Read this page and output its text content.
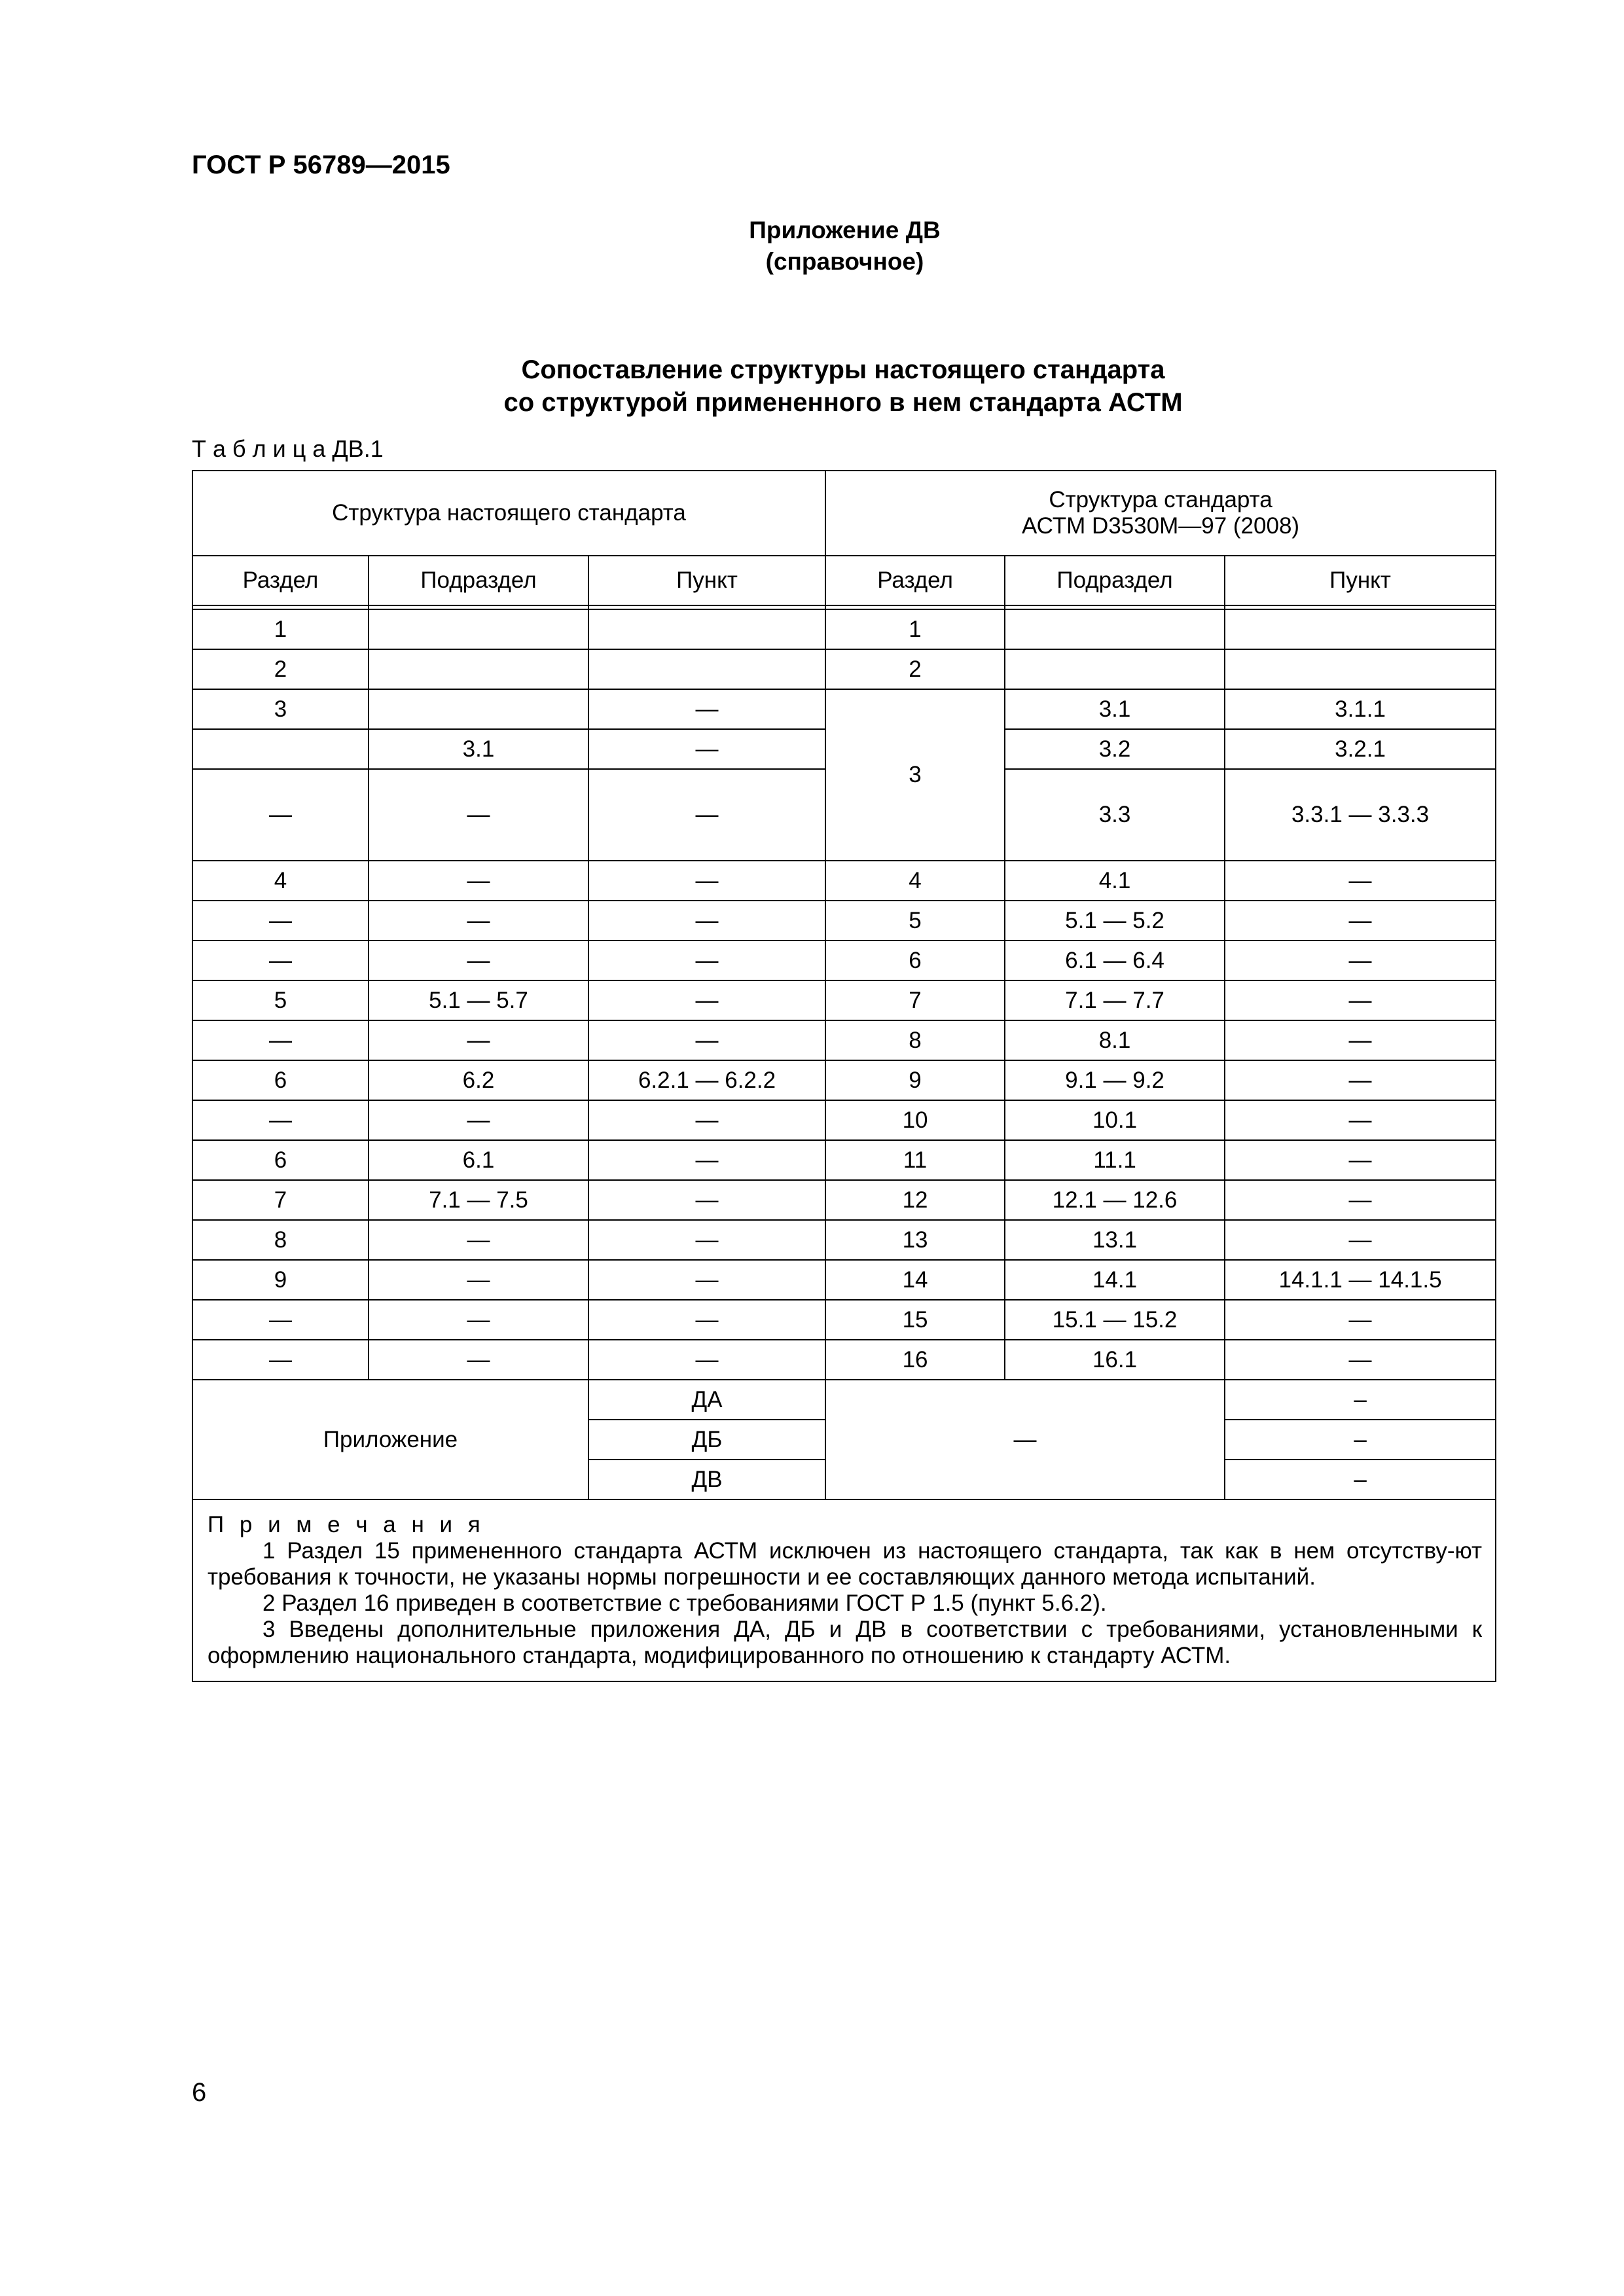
ГОСТ Р 56789—2015
Приложение ДВ
(справочное)
Сопоставление структуры настоящего стандарта
со структурой примененного в нем стандарта АСТМ
Т а б л и ц а ДВ.1
Структура настоящего стандарта			Структура стандарта
АСТМ D3530М—97 (2008)		

Раздел	Подраздел	Пункт	Раздел	Подраздел	Пункт

1			1		
2			2		
3		—	3	3.1	3.1.1
	3.1	—		3.2	3.2.1
—	—	—		3.3	3.3.1 — 3.3.3
4	—	—	4	4.1	—
—	—	—	5	5.1 — 5.2	—
—	—	—	6	6.1 — 6.4	—
5	5.1 — 5.7	—	7	7.1 — 7.7	—
—	—	—	8	8.1	—
6	6.2	6.2.1 — 6.2.2	9	9.1 — 9.2	—
—	—	—	10	10.1	—
6	6.1	—	11	11.1	—
7	7.1 — 7.5	—	12	12.1 — 12.6	—
8	—	—	13	13.1	—
9	—	—	14	14.1	14.1.1 — 14.1.5
—	—	—	15	15.1 — 15.2	—
—	—	—	16	16.1	—
Приложение		ДА	—		–
		ДБ			–
		ДВ			–

П р и м е ч а н и я

1 Раздел 15 примененного стандарта АСТМ исключен из настоящего стандарта, так как в нем отсутству-ют требования к точности, не указаны нормы погрешности и ее составляющих данного метода испытаний.

2 Раздел 16 приведен в соответствие с требованиями ГОСТ Р 1.5 (пункт 5.6.2).

3 Введены дополнительные приложения ДА, ДБ и ДВ в соответствии с требованиями, установленными к оформлению национального стандарта, модифицированного по отношению к стандарту АСТМ.					

6
